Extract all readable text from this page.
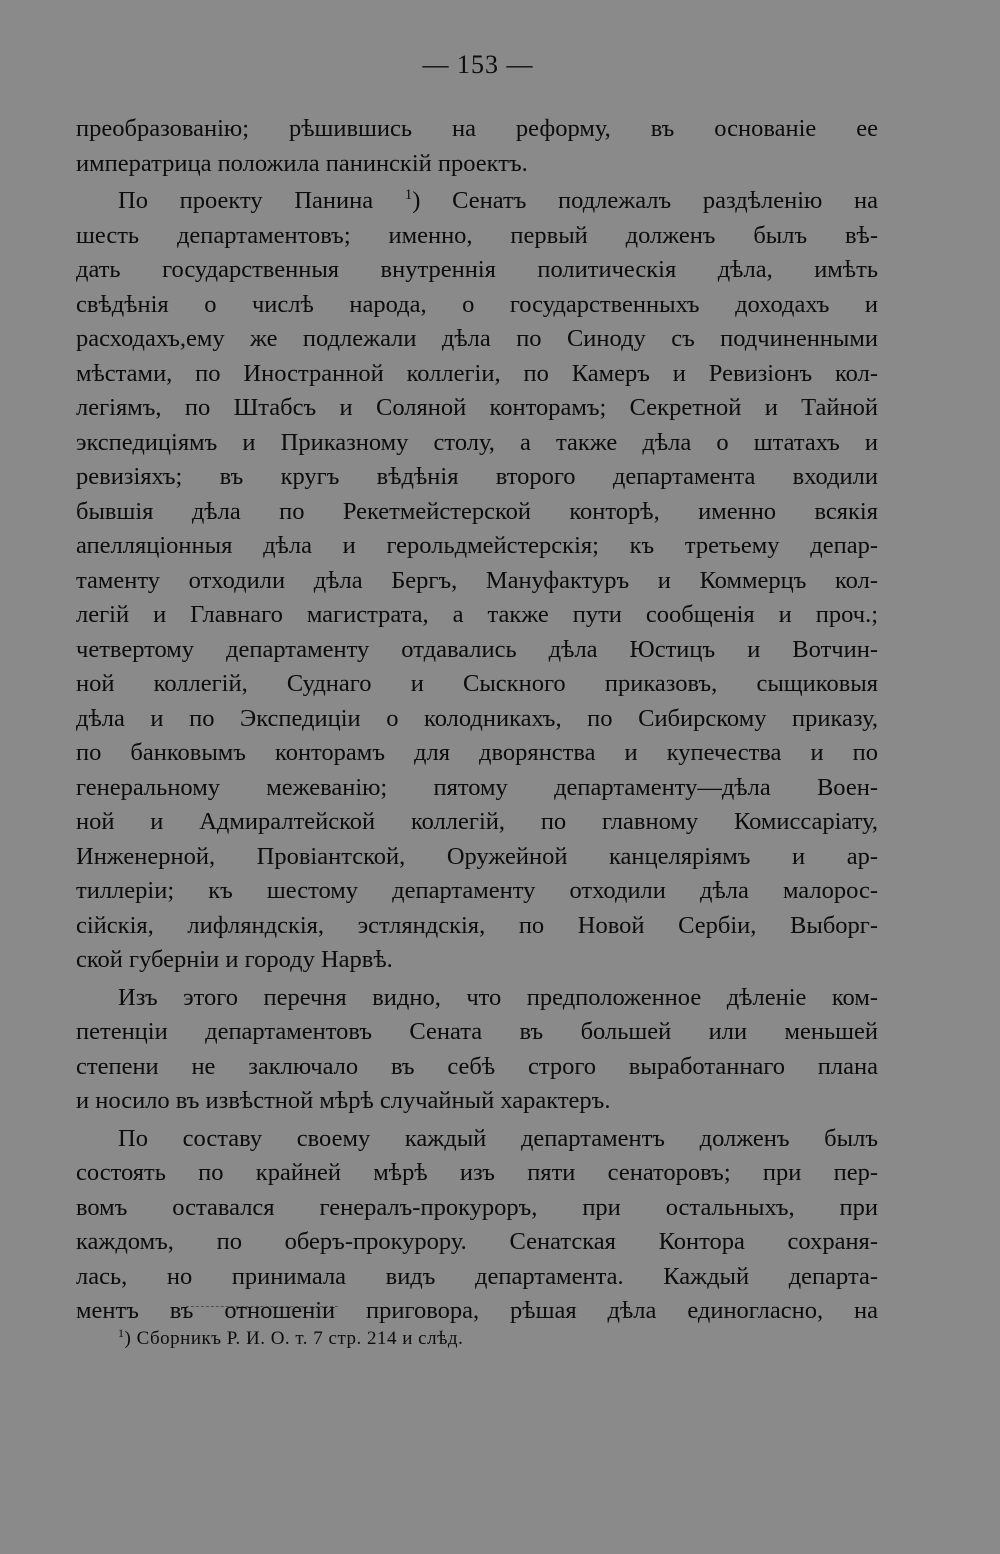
— 153 —
преобразованію; рѣшившись на реформу, въ основаніе ее
императрица положила панинскій проектъ.
По проекту Панина $^1$) Сенатъ подлежалъ раздѣленію на
шесть департаментовъ; именно, первый долженъ былъ вѣ-
дать государственныя внутреннія политическія дѣла, имѣть
свѣдѣнія о числѣ народа, о государственныхъ доходахъ и
расходахъ,ему же подлежали дѣла по Синоду съ подчиненными
мѣстами, по Иностранной коллегіи, по Камеръ и Ревизіонъ кол-
легіямъ, по Штабсъ и Соляной конторамъ; Секретной и Тайной
экспедиціямъ и Приказному столу, а также дѣла о штатахъ и
ревизіяхъ; въ кругъ вѣдѣнія второго департамента входили
бывшія дѣла по Рекетмейстерской конторѣ, именно всякія
апелляціонныя дѣла и герольдмейстерскія; къ третьему депар-
таменту отходили дѣла Бергъ, Мануфактуръ и Коммерцъ кол-
легій и Главнаго магистрата, а также пути сообщенія и проч.;
четвертому департаменту отдавались дѣла Юстицъ и Вотчин-
ной коллегій, Суднаго и Сыскного приказовъ, сыщиковыя
дѣла и по Экспедиціи о колодникахъ, по Сибирскому приказу,
по банковымъ конторамъ для дворянства и купечества и по
генеральному межеванію; пятому департаменту—дѣла Воен-
ной и Адмиралтейской коллегій, по главному Комиссаріату,
Инженерной, Провіантской, Оружейной канцеляріямъ и ар-
тиллеріи; къ шестому департаменту отходили дѣла малорос-
сійскія, лифляндскія, эстляндскія, по Новой Сербіи, Выборг-
ской губерніи и городу Нарвѣ.
Изъ этого перечня видно, что предположенное дѣленіе ком-
петенціи департаментовъ Сената въ большей или меньшей
степени не заключало въ себѣ строго выработаннаго плана
и носило въ извѣстной мѣрѣ случайный характеръ.
По составу своему каждый департаментъ долженъ былъ
состоять по крайней мѣрѣ изъ пяти сенаторовъ; при пер-
вомъ оставался генералъ-прокуроръ, при остальныхъ, при
каждомъ, по оберъ-прокурору. Сенатская Контора сохраня-
лась, но принимала видъ департамента. Каждый департа-
ментъ въ отношеніи приговора, рѣшая дѣла единогласно, на
$^1$) Сборникъ Р. И. О. т. 7 стр. 214 и слѣд.
